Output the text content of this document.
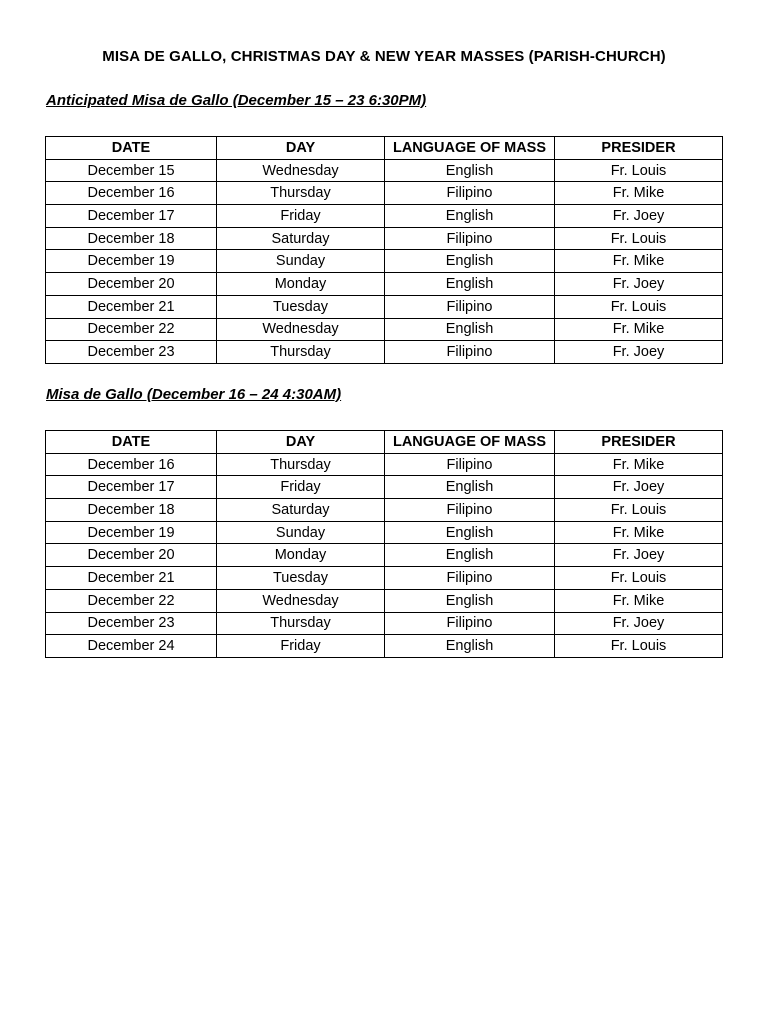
MISA DE GALLO, CHRISTMAS DAY & NEW YEAR MASSES (PARISH-CHURCH)
Anticipated Misa de Gallo (December 15 – 23 6:30PM)
DATE	DAY	LANGUAGE OF MASS	PRESIDER
December 15	Wednesday	English	Fr. Louis
December 16	Thursday	Filipino	Fr. Mike
December 17	Friday	English	Fr. Joey
December 18	Saturday	Filipino	Fr. Louis
December 19	Sunday	English	Fr. Mike
December 20	Monday	English	Fr. Joey
December 21	Tuesday	Filipino	Fr. Louis
December 22	Wednesday	English	Fr. Mike
December 23	Thursday	Filipino	Fr. Joey
Misa de Gallo (December 16 – 24 4:30AM)
DATE	DAY	LANGUAGE OF MASS	PRESIDER
December 16	Thursday	Filipino	Fr. Mike
December 17	Friday	English	Fr. Joey
December 18	Saturday	Filipino	Fr. Louis
December 19	Sunday	English	Fr. Mike
December 20	Monday	English	Fr. Joey
December 21	Tuesday	Filipino	Fr. Louis
December 22	Wednesday	English	Fr. Mike
December 23	Thursday	Filipino	Fr. Joey
December 24	Friday	English	Fr. Louis
